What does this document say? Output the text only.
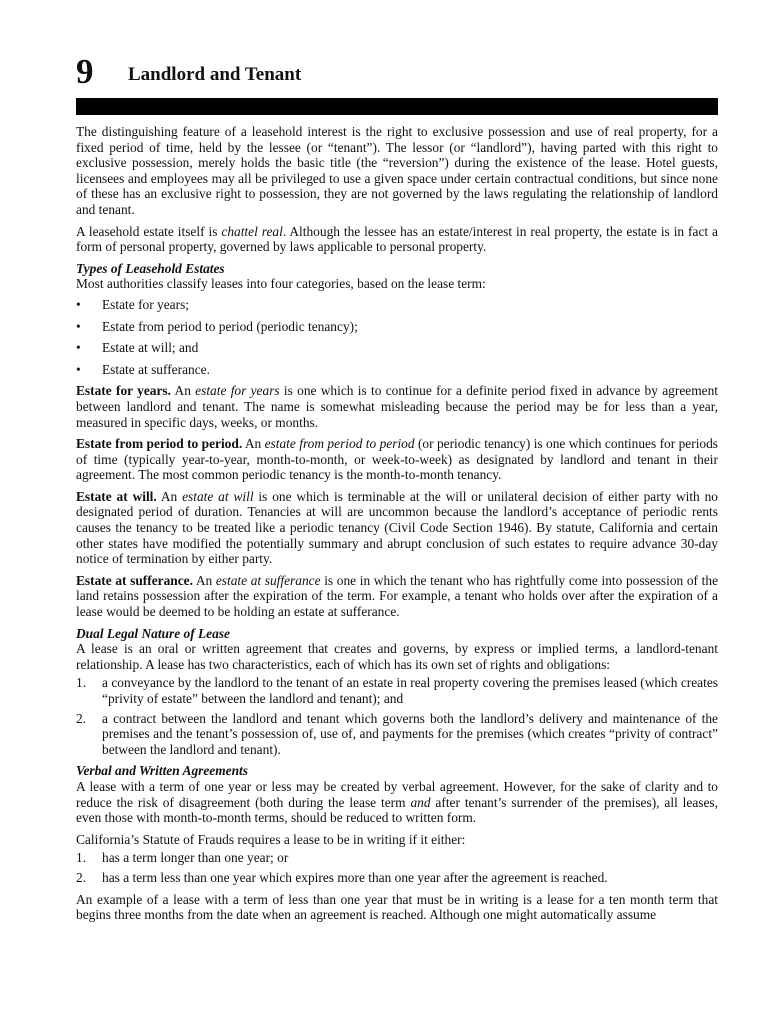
9 Landlord and Tenant

The distinguishing feature of a leasehold interest is the right to exclusive possession and use of real property, for a fixed period of time, held by the lessee (or “tenant”). The lessor (or “landlord”), having parted with this right to exclusive possession, merely holds the basic title (the “reversion”) during the existence of the lease. Hotel guests, licensees and employees may all be privileged to use a given space under certain contractual conditions, but since none of these has an exclusive right to possession, they are not governed by the laws regulating the relationship of landlord and tenant.

A leasehold estate itself is chattel real. Although the lessee has an estate/interest in real property, the estate is in fact a form of personal property, governed by laws applicable to personal property.

Types of Leasehold Estates
Most authorities classify leases into four categories, based on the lease term:
• Estate for years;
• Estate from period to period (periodic tenancy);
• Estate at will; and
• Estate at sufferance.

Estate for years. An estate for years is one which is to continue for a definite period fixed in advance by agreement between landlord and tenant. The name is somewhat misleading because the period may be for less than a year, measured in specific days, weeks, or months.

Estate from period to period. An estate from period to period (or periodic tenancy) is one which continues for periods of time (typically year-to-year, month-to-month, or week-to-week) as designated by landlord and tenant in their agreement. The most common periodic tenancy is the month-to-month tenancy.

Estate at will. An estate at will is one which is terminable at the will or unilateral decision of either party with no designated period of duration. Tenancies at will are uncommon because the landlord’s acceptance of periodic rents causes the tenancy to be treated like a periodic tenancy (Civil Code Section 1946). By statute, California and certain other states have modified the potentially summary and abrupt conclusion of such estates to require advance 30-day notice of termination by either party.

Estate at sufferance. An estate at sufferance is one in which the tenant who has rightfully come into possession of the land retains possession after the expiration of the term. For example, a tenant who holds over after the expiration of a lease would be deemed to be holding an estate at sufferance.

Dual Legal Nature of Lease
A lease is an oral or written agreement that creates and governs, by express or implied terms, a landlord-tenant relationship. A lease has two characteristics, each of which has its own set of rights and obligations:
1. a conveyance by the landlord to the tenant of an estate in real property covering the premises leased (which creates “privity of estate” between the landlord and tenant); and
2. a contract between the landlord and tenant which governs both the landlord’s delivery and maintenance of the premises and the tenant’s possession of, use of, and payments for the premises (which creates “privity of contract” between the landlord and tenant).
Verbal and Written Agreements

A lease with a term of one year or less may be created by verbal agreement. However, for the sake of clarity and to reduce the risk of disagreement (both during the lease term and after tenant’s surrender of the premises), all leases, even those with month-to-month terms, should be reduced to written form.

California’s Statute of Frauds requires a lease to be in writing if it either:
1. has a term longer than one year; or
2. has a term less than one year which expires more than one year after the agreement is reached.

An example of a lease with a term of less than one year that must be in writing is a lease for a ten month term that begins three months from the date when an agreement is reached. Although one might automatically assume
